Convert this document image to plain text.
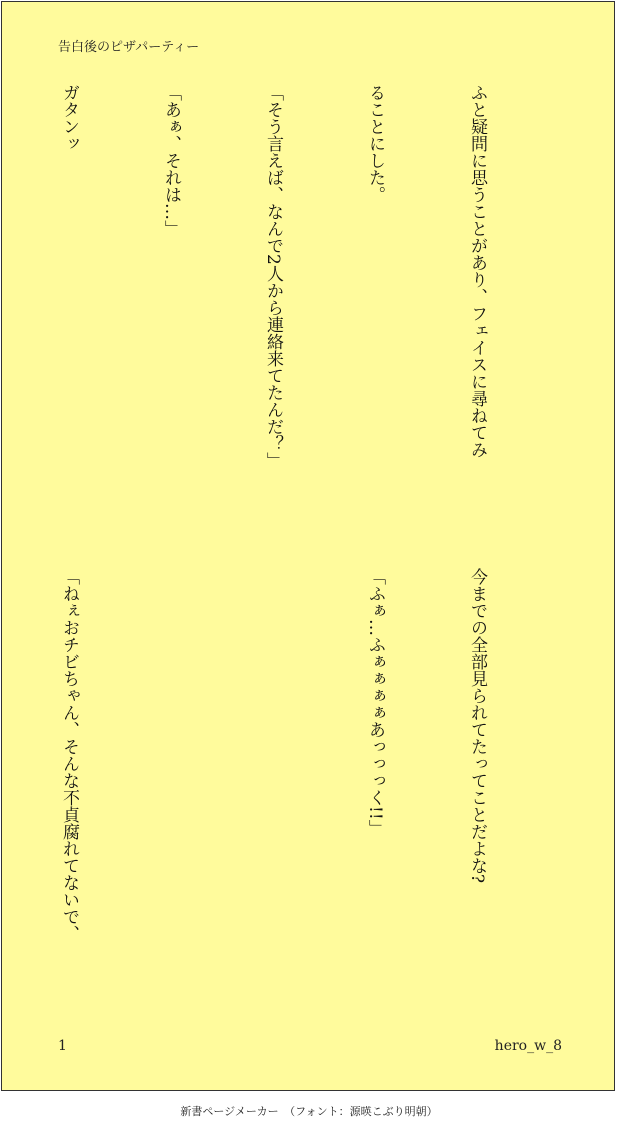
告白後のピザパーティー

ふと疑問に思うことがあり、フェイスに尋ねてみ

ることにした。

「そう言えば、なんで2人から連絡来てたんだ？」

「あぁ、それは…」

ガタンッ

今までの全部見られてたってことだよな?

「ふぁ…ふぁぁぁぁあっっっく!!」

「ねぇおチビちゃん、そんな不貞腐れてないで、

1	hero_w_8
新書ページメーカー　（フォント：源暎こぶり明朝）
